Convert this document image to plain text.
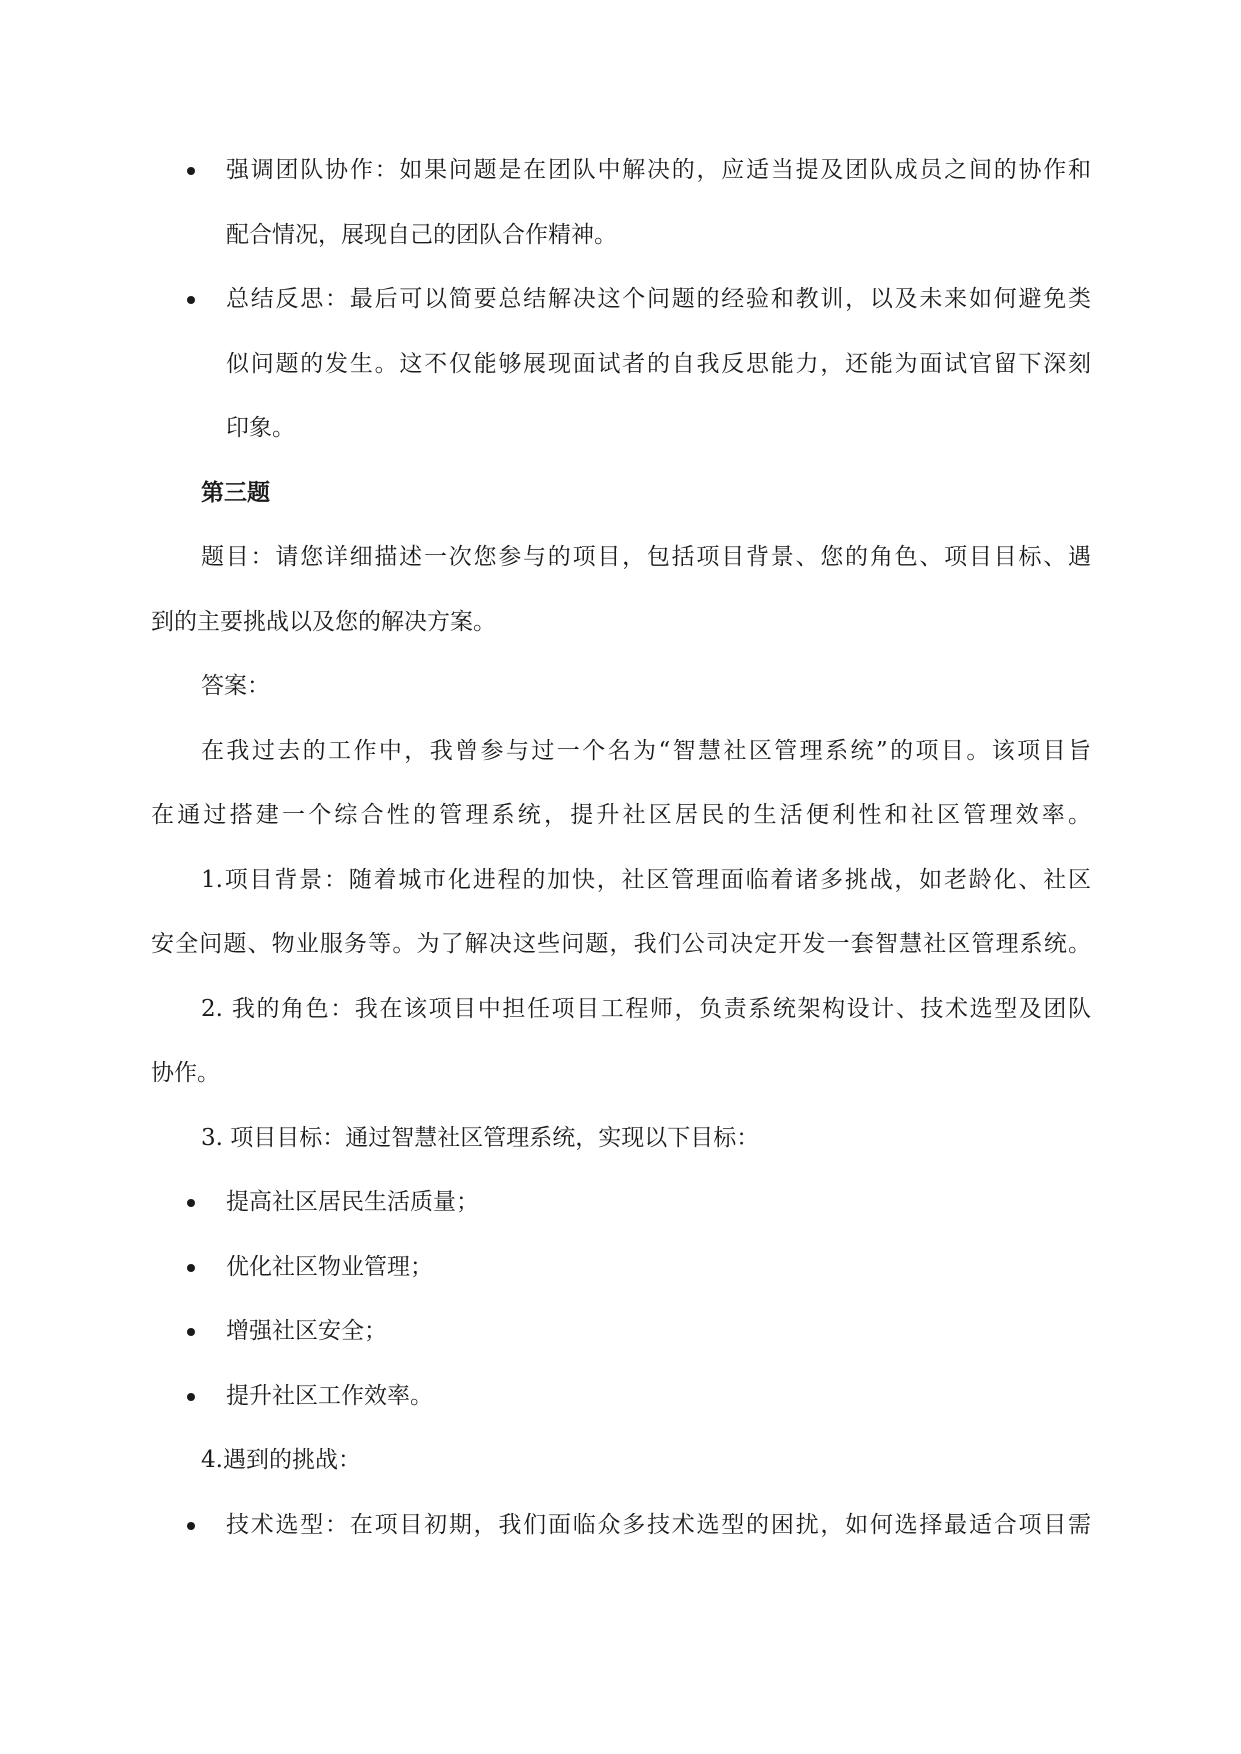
强调团队协作：如果问题是在团队中解决的，应适当提及团队成员之间的协作和
配合情况，展现自己的团队合作精神。
总结反思：最后可以简要总结解决这个问题的经验和教训，以及未来如何避免类
似问题的发生。这不仅能够展现面试者的自我反思能力，还能为面试官留下深刻
印象。
第三题
题目：请您详细描述一次您参与的项目，包括项目背景、您的角色、项目目标、遇
到的主要挑战以及您的解决方案。
答案：
在我过去的工作中，我曾参与过一个名为“智慧社区管理系统”的项目。该项目旨
在通过搭建一个综合性的管理系统，提升社区居民的生活便利性和社区管理效率。
1.项目背景：随着城市化进程的加快，社区管理面临着诸多挑战，如老龄化、社区
安全问题、物业服务等。为了解决这些问题，我们公司决定开发一套智慧社区管理系统。
2. 我的角色：我在该项目中担任项目工程师，负责系统架构设计、技术选型及团队
协作。
3. 项目目标：通过智慧社区管理系统，实现以下目标：
提高社区居民生活质量；
优化社区物业管理；
增强社区安全；
提升社区工作效率。
4.遇到的挑战：
技术选型：在项目初期，我们面临众多技术选型的困扰，如何选择最适合项目需
